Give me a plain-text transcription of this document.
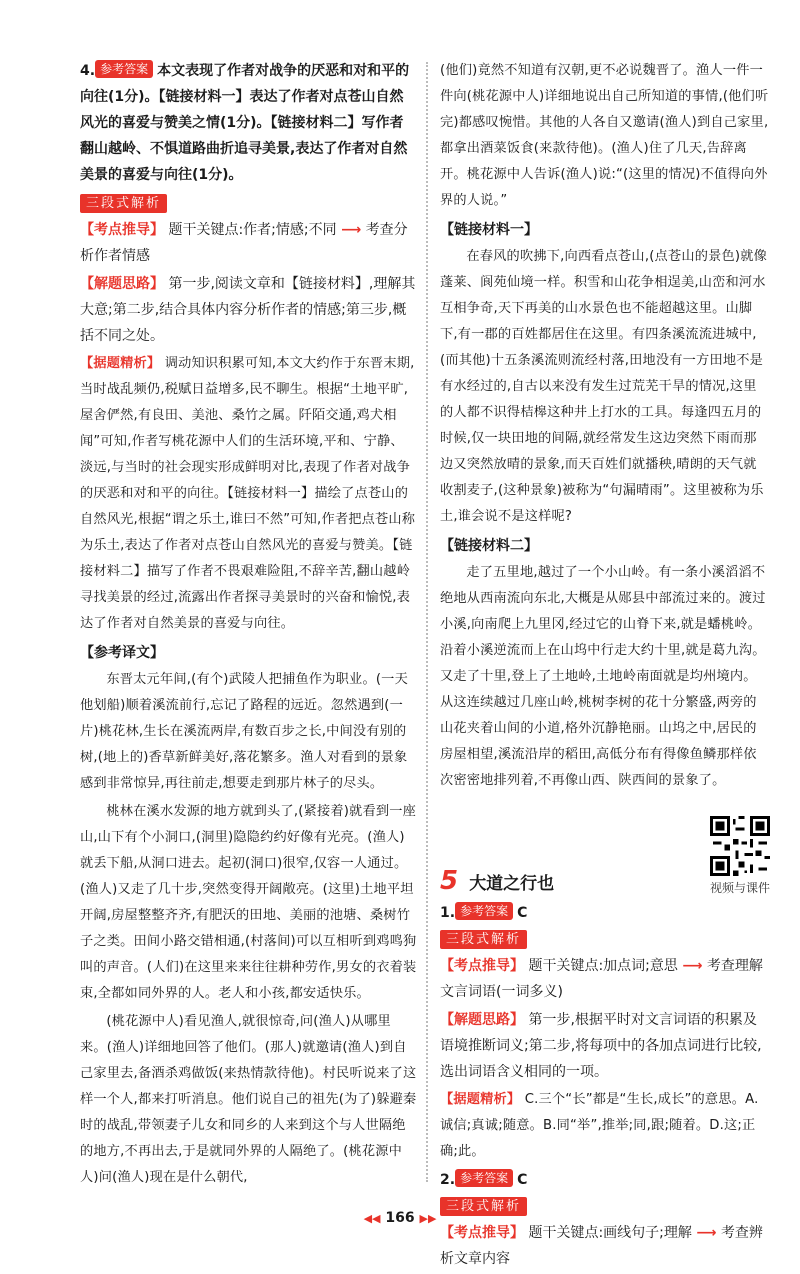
4. 参考答案 本文表现了作者对战争的厌恶和对和平的向往(1分)。【链接材料一】表达了作者对点苍山自然风光的喜爱与赞美之情(1分)。【链接材料二】写作者翻山越岭、不惧道路曲折追寻美景,表达了作者对自然美景的喜爱与向往(1分)。

三段式解析

【考点推导】 题干关键点:作者;情感;不同 ⟶ 考查分析作者情感

【解题思路】 第一步,阅读文章和【链接材料】,理解其大意;第二步,结合具体内容分析作者的情感;第三步,概括不同之处。

【据题精析】 调动知识积累可知,本文大约作于东晋末期,当时战乱频仍,税赋日益增多,民不聊生。根据“土地平旷,屋舍俨然,有良田、美池、桑竹之属。阡陌交通,鸡犬相闻”可知,作者写桃花源中人们的生活环境,平和、宁静、淡远,与当时的社会现实形成鲜明对比,表现了作者对战争的厌恶和对和平的向往。【链接材料一】描绘了点苍山的自然风光,根据“谓之乐土,谁曰不然”可知,作者把点苍山称为乐土,表达了作者对点苍山自然风光的喜爱与赞美。【链接材料二】描写了作者不畏艰难险阻,不辞辛苦,翻山越岭寻找美景的经过,流露出作者探寻美景时的兴奋和愉悦,表达了作者对自然美景的喜爱与向往。

【参考译文】

东晋太元年间,(有个)武陵人把捕鱼作为职业。(一天他划船)顺着溪流前行,忘记了路程的远近。忽然遇到(一片)桃花林,生长在溪流两岸,有数百步之长,中间没有别的树,(地上的)香草新鲜美好,落花繁多。渔人对看到的景象感到非常惊异,再往前走,想要走到那片林子的尽头。

桃林在溪水发源的地方就到头了,(紧接着)就看到一座山,山下有个小洞口,(洞里)隐隐约约好像有光亮。(渔人)就丢下船,从洞口进去。起初(洞口)很窄,仅容一人通过。(渔人)又走了几十步,突然变得开阔敞亮。(这里)土地平坦开阔,房屋整整齐齐,有肥沃的田地、美丽的池塘、桑树竹子之类。田间小路交错相通,(村落间)可以互相听到鸡鸣狗叫的声音。(人们)在这里来来往往耕种劳作,男女的衣着装束,全都如同外界的人。老人和小孩,都安适快乐。

(桃花源中人)看见渔人,就很惊奇,问(渔人)从哪里来。(渔人)详细地回答了他们。(那人)就邀请(渔人)到自己家里去,备酒杀鸡做饭(来热情款待他)。村民听说来了这样一个人,都来打听消息。他们说自己的祖先(为了)躲避秦时的战乱,带领妻子儿女和同乡的人来到这个与人世隔绝的地方,不再出去,于是就同外界的人隔绝了。(桃花源中人)问(渔人)现在是什么朝代,

(他们)竟然不知道有汉朝,更不必说魏晋了。渔人一件一件向(桃花源中人)详细地说出自己所知道的事情,(他们听完)都感叹惋惜。其他的人各自又邀请(渔人)到自己家里,都拿出酒菜饭食(来款待他)。(渔人)住了几天,告辞离开。桃花源中人告诉(渔人)说:“(这里的情况)不值得向外界的人说。”

【链接材料一】

在春风的吹拂下,向西看点苍山,(点苍山的景色)就像蓬莱、阆苑仙境一样。积雪和山花争相逞美,山峦和河水互相争奇,天下再美的山水景色也不能超越这里。山脚下,有一郡的百姓都居住在这里。有四条溪流流进城中,(而其他)十五条溪流则流经村落,田地没有一方田地不是有水经过的,自古以来没有发生过荒芜干旱的情况,这里的人都不识得桔槔这种井上打水的工具。每逢四五月的时候,仅一块田地的间隔,就经常发生这边突然下雨而那边又突然放晴的景象,而天百姓们就播秧,晴朗的天气就收割麦子,(这种景象)被称为“句漏晴雨”。这里被称为乐土,谁会说不是这样呢?

【链接材料二】

走了五里地,越过了一个小山岭。有一条小溪滔滔不绝地从西南流向东北,大概是从郧县中部流过来的。渡过小溪,向南爬上九里冈,经过它的山脊下来,就是蟠桃岭。沿着小溪逆流而上在山坞中行走大约十里,就是葛九沟。又走了十里,登上了土地岭,土地岭南面就是均州境内。从这连续越过几座山岭,桃树李树的花十分繁盛,两旁的山花夹着山间的小道,格外沉静艳丽。山坞之中,居民的房屋相望,溪流沿岸的稻田,高低分布有得像鱼鳞那样依次密密地排列着,不再像山西、陕西间的景象了。

5 大道之行也	视频与课件

1. 参考答案 C

三段式解析

【考点推导】 题干关键点:加点词;意思 ⟶ 考查理解文言词语(一词多义)

【解题思路】 第一步,根据平时对文言词语的积累及语境推断词义;第二步,将每项中的各加点词进行比较,选出词语含义相同的一项。

【据题精析】 C.三个“长”都是“生长,成长”的意思。A.诚信;真诚;随意。B.同“举”,推举;同,跟;随着。D.这;正确;此。

2. 参考答案 C

三段式解析

【考点推导】 题干关键点:画线句子;理解 ⟶ 考查辨析文章内容

◀◀ 166 ▶▶
